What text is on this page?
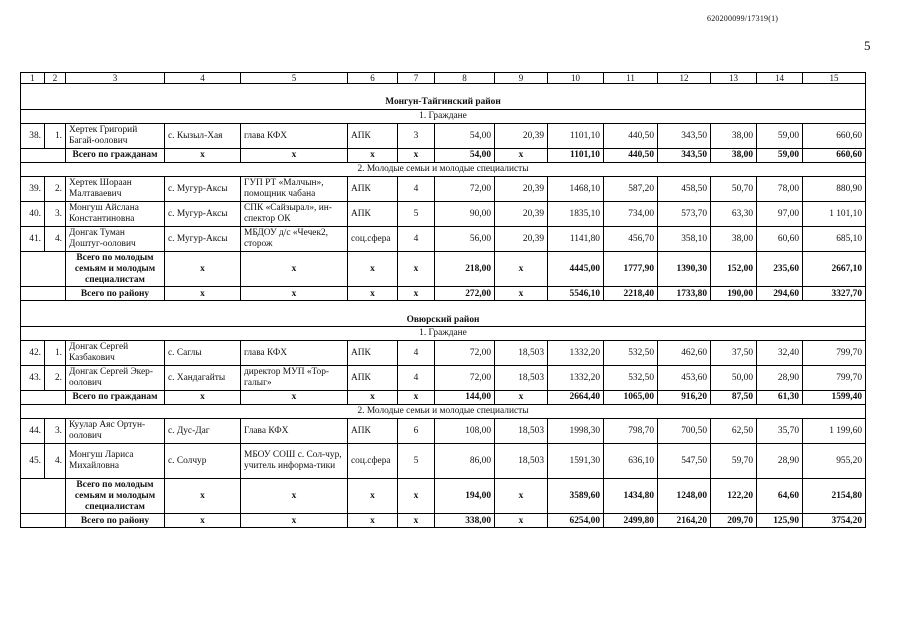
620200099/17319(1)
5
1	2	3	4	5	6	7	8	9	10	11	12	13	14	15

Монгун-Тайгинский район														
1. Граждане														
38.	1.	Хертек Григорий Багай-оолович	с. Кызыл-Хая	глава КФХ	АПК	3	54,00	20,39	1101,10	440,50	343,50	38,00	59,00	660,60
		Всего по гражданам	х	х	х	х	54,00	х	1101,10	440,50	343,50	38,00	59,00	660,60
2. Молодые семьи и молодые специалисты														
39.	2.	Хертек Шораан Малтаваевич	с. Мугур-Аксы	ГУП РТ «Малчын», помощник чабана	АПК	4	72,00	20,39	1468,10	587,20	458,50	50,70	78,00	880,90
40.	3.	Монгуш Айслана Константиновна	с. Мугур-Аксы	СПК «Сайзырал», ин-спектор ОК	АПК	5	90,00	20,39	1835,10	734,00	573,70	63,30	97,00	1 101,10
41.	4.	Донгак Туман Доштуг-оолович	с. Мугур-Аксы	МБДОУ д/с «Чечек2, сторож	соц.сфера	4	56,00	20,39	1141,80	456,70	358,10	38,00	60,60	685,10
		Всего по молодым семьям и молодым специалистам	х	х	х	х	218,00	х	4445,00	1777,90	1390,30	152,00	235,60	2667,10
		Всего по району	х	х	х	х	272,00	х	5546,10	2218,40	1733,80	190,00	294,60	3327,70

Овюрский район														
1. Граждане														
42.	1.	Донгак Сергей Казбакович	с. Саглы	глава КФХ	АПК	4	72,00	18,503	1332,20	532,50	462,60	37,50	32,40	799,70
43.	2.	Донгак Сергей Экер-оолович	с. Хандагайты	директор МУП «Тор-галыг»	АПК	4	72,00	18,503	1332,20	532,50	453,60	50,00	28,90	799,70
		Всего по гражданам	х	х	х	х	144,00	х	2664,40	1065,00	916,20	87,50	61,30	1599,40
2. Молодые семьи и молодые специалисты														
44.	3.	Куулар Аяс Ортун-оолович	с. Дус-Даг	Глава КФХ	АПК	6	108,00	18,503	1998,30	798,70	700,50	62,50	35,70	1 199,60
45.	4.	Монгуш Лариса Михайловна	с. Солчур	МБОУ СОШ с. Сол-чур, учитель информа-тики	соц.сфера	5	86,00	18,503	1591,30	636,10	547,50	59,70	28,90	955,20
		Всего по молодым семьям и молодым специалистам	х	х	х	х	194,00	х	3589,60	1434,80	1248,00	122,20	64,60	2154,80
		Всего по району	х	х	х	х	338,00	х	6254,00	2499,80	2164,20	209,70	125,90	3754,20
